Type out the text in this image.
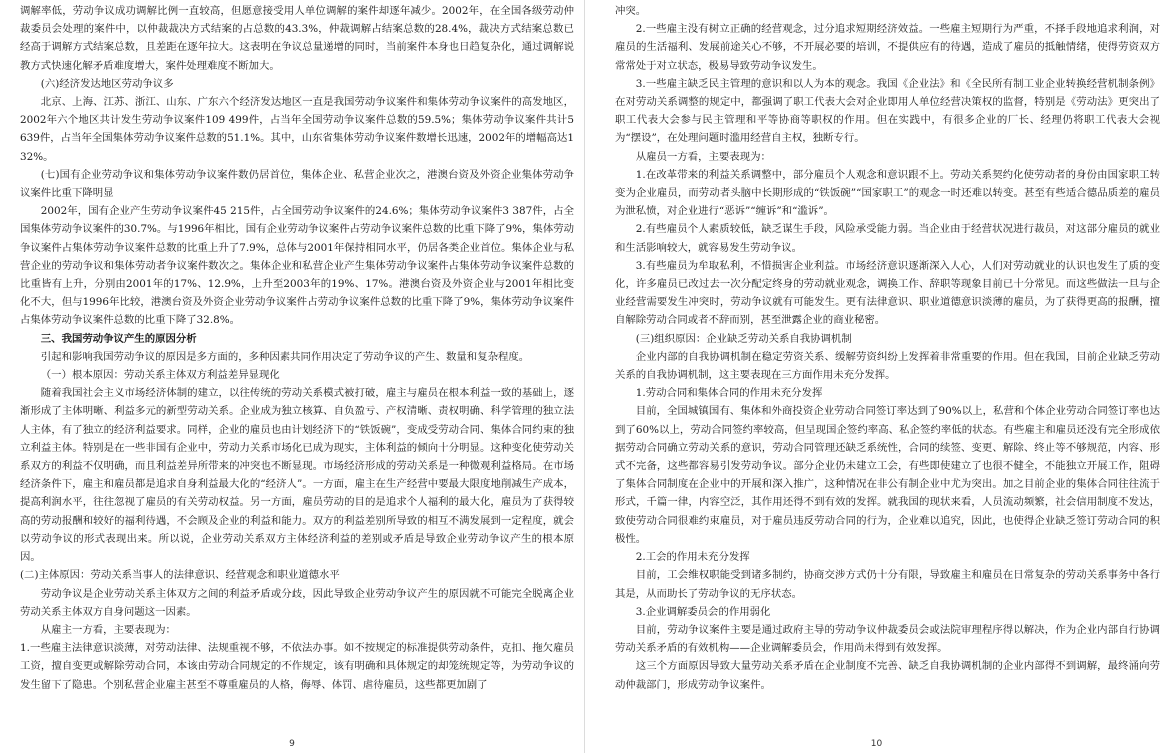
调解率低，劳动争议成功调解比例一直较高，但愿意接受用人单位调解的案件却逐年减少。2002年，在全国各级劳动仲裁委员会处理的案件中，以仲裁裁决方式结案的占总数的43.3%，仲裁调解占结案总数的28.4%，裁决方式结案总数已经高于调解方式结案总数，且差距在逐年拉大。这表明在争议总量递增的同时，当前案件本身也日趋复杂化，通过调解说教方式快速化解矛盾难度增大，案件处理难度不断加大。

(六)经济发达地区劳动争议多

北京、上海、江苏、浙江、山东、广东六个经济发达地区一直是我国劳动争议案件和集体劳动争议案件的高发地区，2002年六个地区共计发生劳动争议案件109 499件，占当年全国劳动争议案件总数的59.5%；集体劳动争议案件共计5 639件，占当年全国集体劳动争议案件总数的51.1%。其中，山东省集体劳动争议案件数增长迅速，2002年的增幅高达132%。

(七)国有企业劳动争议和集体劳动争议案件数仍居首位，集体企业、私营企业次之，港澳台资及外资企业集体劳动争议案件比重下降明显

2002年，国有企业产生劳动争议案件45 215件，占全国劳动争议案件的24.6%；集体劳动争议案件3 387件，占全国集体劳动争议案件的30.7%。与1996年相比，国有企业劳动争议案件占劳动争议案件总数的比重下降了9%，集体劳动争议案件占集体劳动争议案件总数的比重上升了7.9%，总体与2001年保持相同水平，仍居各类企业首位。集体企业与私营企业的劳动争议和集体劳动者争议案件数次之。集体企业和私营企业产生集体劳动争议案件占集体劳动争议案件总数的比重皆有上升，分别由2001年的17%、12.9%，上升至2003年的19%、17%。港澳台资及外资企业与2001年相比变化不大，但与1996年比较，港澳台资及外资企业劳动争议案件占劳动争议案件总数的比重下降了9%，集体劳动争议案件占集体劳动争议案件总数的比重下降了32.8%。

三、我国劳动争议产生的原因分析

引起和影响我国劳动争议的原因是多方面的，多种因素共同作用决定了劳动争议的产生、数量和复杂程度。

（一）根本原因：劳动关系主体双方利益差异显现化

随着我国社会主义市场经济体制的建立，以往传统的劳动关系模式被打破，雇主与雇员在根本利益一致的基础上，逐渐形成了主体明晰、利益多元的新型劳动关系。企业成为独立核算、自负盈亏、产权清晰、责权明确、科学管理的独立法人主体，有了独立的经济利益要求。同样，企业的雇员也由计划经济下的“铁饭碗”，变成受劳动合同、集体合同约束的独立利益主体。特别是在一些非国有企业中，劳动力关系市场化已成为现实，主体利益的倾向十分明显。这种变化使劳动关系双方的利益不仅明确，而且利益差异所带来的冲突也不断显现。市场经济形成的劳动关系是一种微观利益格局。在市场经济条件下，雇主和雇员都是追求自身利益最大化的“经济人”。一方面，雇主在生产经营中要最大限度地削减生产成本，提高利润水平，往往忽视了雇员的有关劳动权益。另一方面，雇员劳动的目的是追求个人福利的最大化，雇员为了获得较高的劳动报酬和较好的福利待遇，不会顾及企业的利益和能力。双方的利益差别所导致的相互不满发展到一定程度，就会以劳动争议的形式表现出来。所以说，企业劳动关系双方主体经济利益的差别或矛盾是导致企业劳动争议产生的根本原因。

(二)主体原因：劳动关系当事人的法律意识、经营观念和职业道德水平

劳动争议是企业劳动关系主体双方之间的利益矛盾或分歧，因此导致企业劳动争议产生的原因就不可能完全脱离企业劳动关系主体双方自身问题这一因素。

从雇主一方看，主要表现为：

1.一些雇主法律意识淡薄，对劳动法律、法规重视不够，不依法办事。如不按规定的标准提供劳动条件，克扣、拖欠雇员工资，擅自变更或解除劳动合同，本该由劳动合同规定的不作规定，该有明确和具体规定的却笼统规定等，为劳动争议的发生留下了隐患。个别私营企业雇主甚至不尊重雇员的人格，侮辱、体罚、虐待雇员，这些都更加剧了

9

冲突。

2.一些雇主没有树立正确的经营观念，过分追求短期经济效益。一些雇主短期行为严重，不择手段地追求利润，对雇员的生活福利、发展前途关心不够，不开展必要的培训，不提供应有的待遇，造成了雇员的抵触情绪，使得劳资双方常常处于对立状态，极易导致劳动争议发生。

3.一些雇主缺乏民主管理的意识和以人为本的观念。我国《企业法》和《全民所有制工业企业转换经营机制条例》在对劳动关系调整的规定中，都强调了职工代表大会对企业即用人单位经营决策权的监督，特别是《劳动法》更突出了职工代表大会参与民主管理和平等协商等职权的作用。但在实践中，有很多企业的厂长、经理仍将职工代表大会视为“摆设”，在处理问题时滥用经营自主权，独断专行。

从雇员一方看，主要表现为：

1.在改革带来的利益关系调整中，部分雇员个人观念和意识跟不上。劳动关系契约化使劳动者的身份由国家职工转变为企业雇员，而劳动者头脑中长期形成的“铁饭碗”“国家职工”的观念一时还难以转变。甚至有些适合德品质差的雇员为泄私愤，对企业进行“恶诉”“缠诉”和“滥诉”。

2.有些雇员个人素质较低，缺乏谋生手段，风险承受能力弱。当企业由于经营状况进行裁员，对这部分雇员的就业和生活影响较大，就容易发生劳动争议。

3.有些雇员为牟取私利，不惜损害企业利益。市场经济意识逐渐深入人心，人们对劳动就业的认识也发生了质的变化，许多雇员已改过去一次分配定终身的劳动就业观念，调换工作、辞职等现象目前已十分常见。而这些做法一旦与企业经营需要发生冲突时，劳动争议就有可能发生。更有法律意识、职业道德意识淡薄的雇员，为了获得更高的报酬，擅自解除劳动合同或者不辞而别，甚至泄露企业的商业秘密。

(三)组织原因：企业缺乏劳动关系自我协调机制

企业内部的自我协调机制在稳定劳资关系、缓解劳资纠纷上发挥着非常重要的作用。但在我国，目前企业缺乏劳动关系的自我协调机制，这主要表现在三方面作用未充分发挥。

1.劳动合同和集体合同的作用未充分发挥

目前，全国城镇国有、集体和外商投资企业劳动合同签订率达到了90%以上，私营和个体企业劳动合同签订率也达到了60%以上，劳动合同签约率较高，但呈现国企签约率高、私企签约率低的状态。有些雇主和雇员还没有完全形成依据劳动合同确立劳动关系的意识，劳动合同管理还缺乏系统性，合同的续签、变更、解除、终止等不够规范，内容、形式不完备，这些都容易引发劳动争议。部分企业仍未建立工会，有些即使建立了也很不健全，不能独立开展工作，阻碍了集体合同制度在企业中的开展和深入推广，这种情况在非公有制企业中尤为突出。加之目前企业的集体合同往往流于形式，千篇一律，内容空泛，其作用还得不到有效的发挥。就我国的现状来看，人员流动频繁，社会信用制度不发达，致使劳动合同很难约束雇员，对于雇员违反劳动合同的行为，企业难以追究，因此，也使得企业缺乏签订劳动合同的积极性。

2.工会的作用未充分发挥

目前，工会维权职能受到诸多制约，协商交涉方式仍十分有限，导致雇主和雇员在日常复杂的劳动关系事务中各行其是，从而助长了劳动争议的无序状态。

3.企业调解委员会的作用弱化

目前，劳动争议案件主要是通过政府主导的劳动争议仲裁委员会或法院审理程序得以解决，作为企业内部自行协调劳动关系矛盾的有效机构——企业调解委员会，作用尚未得到有效发挥。

这三个方面原因导致大量劳动关系矛盾在企业制度不完善、缺乏自我协调机制的企业内部得不到调解，最终涌向劳动仲裁部门，形成劳动争议案件。

10
